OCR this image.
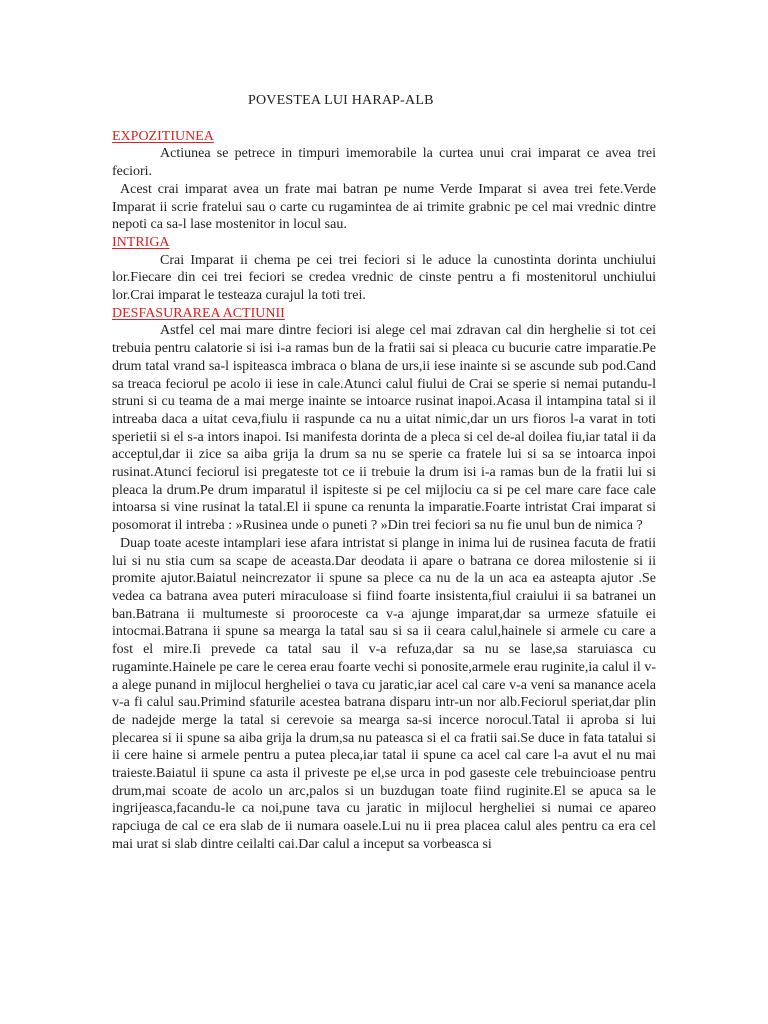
POVESTEA LUI HARAP-ALB
EXPOZITIUNEA

Actiunea se petrece in timpuri imemorabile la curtea unui crai imparat ce avea trei feciori.

Acest crai imparat avea un frate mai batran pe nume Verde Imparat si avea trei fete.Verde Imparat ii scrie fratelui sau o carte cu rugamintea de ai trimite grabnic pe cel mai vrednic dintre nepoti ca sa-l lase mostenitor in locul sau.

INTRIGA

Crai Imparat ii chema pe cei trei feciori si le aduce la cunostinta dorinta unchiului lor.Fiecare din cei trei feciori se credea vrednic de cinste pentru a fi mostenitorul unchiului lor.Crai imparat le testeaza curajul la toti trei.

DESFASURAREA ACTIUNII

Astfel cel mai mare dintre feciori isi alege cel mai zdravan cal din herghelie si tot cei trebuia pentru calatorie si isi i-a ramas bun de la fratii sai si pleaca cu bucurie catre imparatie.Pe drum tatal vrand sa-l ispiteasca imbraca o blana de urs,ii iese inainte si se ascunde sub pod.Cand sa treaca feciorul pe acolo ii iese in cale.Atunci calul fiului de Crai se sperie si nemai putandu-l struni si cu teama de a mai merge inainte se intoarce rusinat inapoi.Acasa il intampina tatal si il intreaba daca a uitat ceva,fiulu ii raspunde ca nu a uitat nimic,dar un urs fioros l-a varat in toti sperietii si el s-a intors inapoi. Isi manifesta dorinta de a pleca si cel de-al doilea fiu,iar tatal ii da acceptul,dar ii zice sa aiba grija la drum sa nu se sperie ca fratele lui si sa se intoarca inpoi rusinat.Atunci feciorul isi pregateste tot ce ii trebuie la drum isi i-a ramas bun de la fratii lui si pleaca la drum.Pe drum imparatul il ispiteste si pe cel mijlociu ca si pe cel mare care face cale intoarsa si vine rusinat la tatal.El ii spune ca renunta la imparatie.Foarte intristat Crai imparat si posomorat il intreba : »Rusinea unde o puneti ? »Din trei feciori sa nu fie unul bun de nimica ?

Duap toate aceste intamplari iese afara intristat si plange in inima lui de rusinea facuta de fratii lui si nu stia cum sa scape de aceasta.Dar deodata ii apare o batrana ce dorea milostenie si ii promite ajutor.Baiatul neincrezator ii spune sa plece ca nu de la un aca ea asteapta ajutor .Se vedea ca batrana avea puteri miraculoase si fiind foarte insistenta,fiul craiului ii sa batranei un ban.Batrana ii multumeste si prooroceste ca v-a ajunge imparat,dar sa urmeze sfatuile ei intocmai.Batrana ii spune sa mearga la tatal sau si sa ii ceara calul,hainele si armele cu care a fost el mire.Ii prevede ca tatal sau il v-a refuza,dar sa nu se lase,sa staruiasca cu rugaminte.Hainele pe care le cerea erau foarte vechi si ponosite,armele erau ruginite,ia calul il v-a alege punand in mijlocul hergheliei o tava cu jaratic,iar acel cal care v-a veni sa manance acela v-a fi calul sau.Primind sfaturile acestea batrana disparu intr-un nor alb.Feciorul speriat,dar plin de nadejde merge la tatal si cerevoie sa mearga sa-si incerce norocul.Tatal ii aproba si lui plecarea si ii spune sa aiba grija la drum,sa nu pateasca si el ca fratii sai.Se duce in fata tatalui si ii cere haine si armele pentru a putea pleca,iar tatal ii spune ca acel cal care l-a avut el nu mai traieste.Baiatul ii spune ca asta il priveste pe el,se urca in pod gaseste cele trebuincioase pentru drum,mai scoate de acolo un arc,palos si un buzdugan toate fiind ruginite.El se apuca sa le ingrijeasca,facandu-le ca noi,pune tava cu jaratic in mijlocul hergheliei si numai ce apareo rapciuga de cal ce era slab de ii numara oasele.Lui nu ii prea placea calul ales pentru ca era cel mai urat si slab dintre ceilalti cai.Dar calul a inceput sa vorbeasca si
